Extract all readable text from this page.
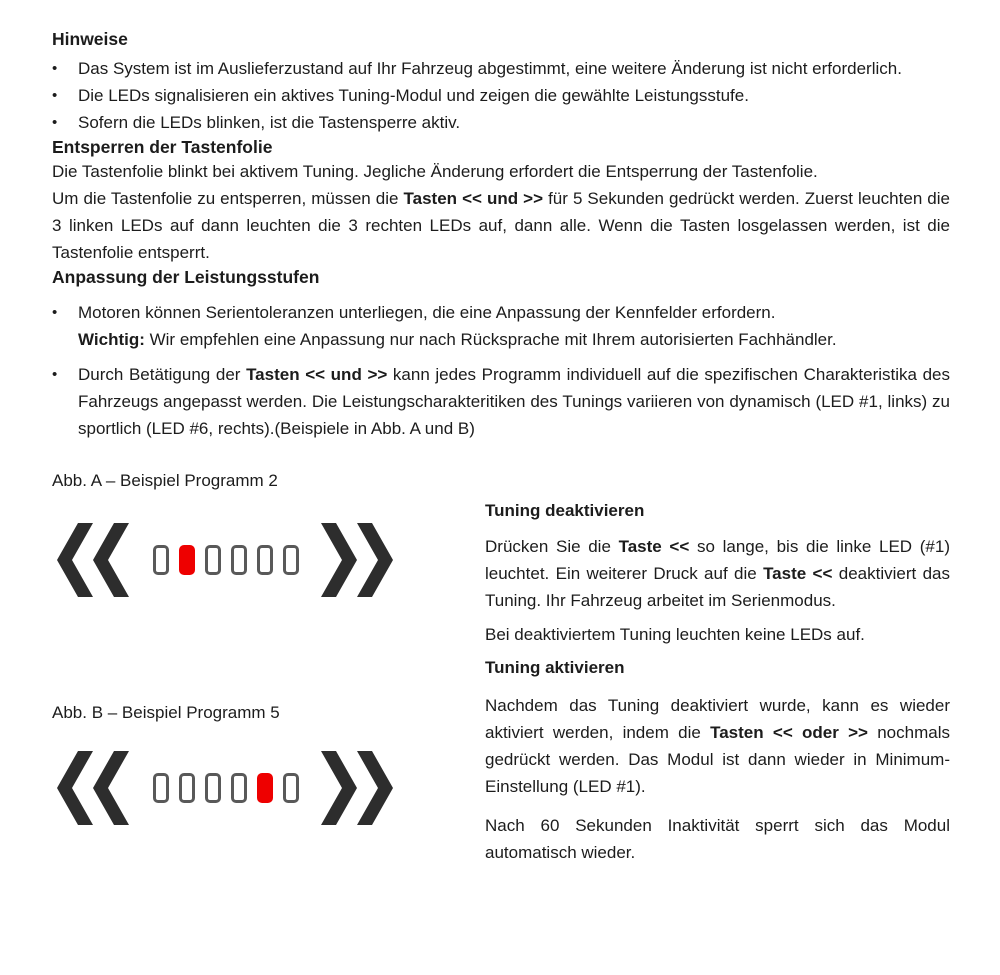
Hinweise
•	Das System ist im Auslieferzustand auf Ihr Fahrzeug abgestimmt, eine weitere Änderung ist nicht erforderlich.
•	Die LEDs signalisieren ein aktives Tuning-Modul und zeigen die gewählte Leistungsstufe.
•	Sofern die LEDs blinken, ist die Tastensperre aktiv.
Entsperren der Tastenfolie

Die Tastenfolie blinkt bei aktivem Tuning. Jegliche Änderung erfordert die Entsperrung der Tastenfolie.
Um die Tastenfolie zu entsperren, müssen die Tasten << und >> für 5 Sekunden gedrückt werden. Zuerst leuchten die 3 linken LEDs auf dann leuchten die 3 rechten LEDs auf, dann alle. Wenn die Tasten losgelassen werden, ist die Tastenfolie entsperrt.

Anpassung der Leistungsstufen
•	Motoren können Serientoleranzen unterliegen, die eine Anpassung der Kennfelder erfordern.
Wichtig: Wir empfehlen eine Anpassung nur nach Rücksprache mit Ihrem autorisierten Fachhändler.
•	Durch Betätigung der Tasten << und >> kann jedes Programm individuell auf die spezifischen Charakteristika des Fahrzeugs angepasst werden. Die Leistungscharakteritiken des Tunings variieren von dynamisch (LED #1, links) zu sportlich (LED #6, rechts).(Beispiele in Abb. A und B)
Abb. A – Beispiel Programm 2
Abb. B – Beispiel Programm 5
Tuning deaktivieren

Drücken Sie die Taste << so lange, bis die linke LED (#1) leuchtet. Ein weiterer Druck auf die Taste << deaktiviert das Tuning. Ihr Fahrzeug arbeitet im Serienmodus.

Bei deaktiviertem Tuning leuchten keine LEDs auf.

Tuning aktivieren

Nachdem das Tuning deaktiviert wurde, kann es wieder aktiviert werden, indem die Tasten << oder >> nochmals gedrückt werden. Das Modul ist dann wieder in Minimum-Einstellung (LED #1).

Nach 60 Sekunden Inaktivität sperrt sich das Modul automatisch wieder.
